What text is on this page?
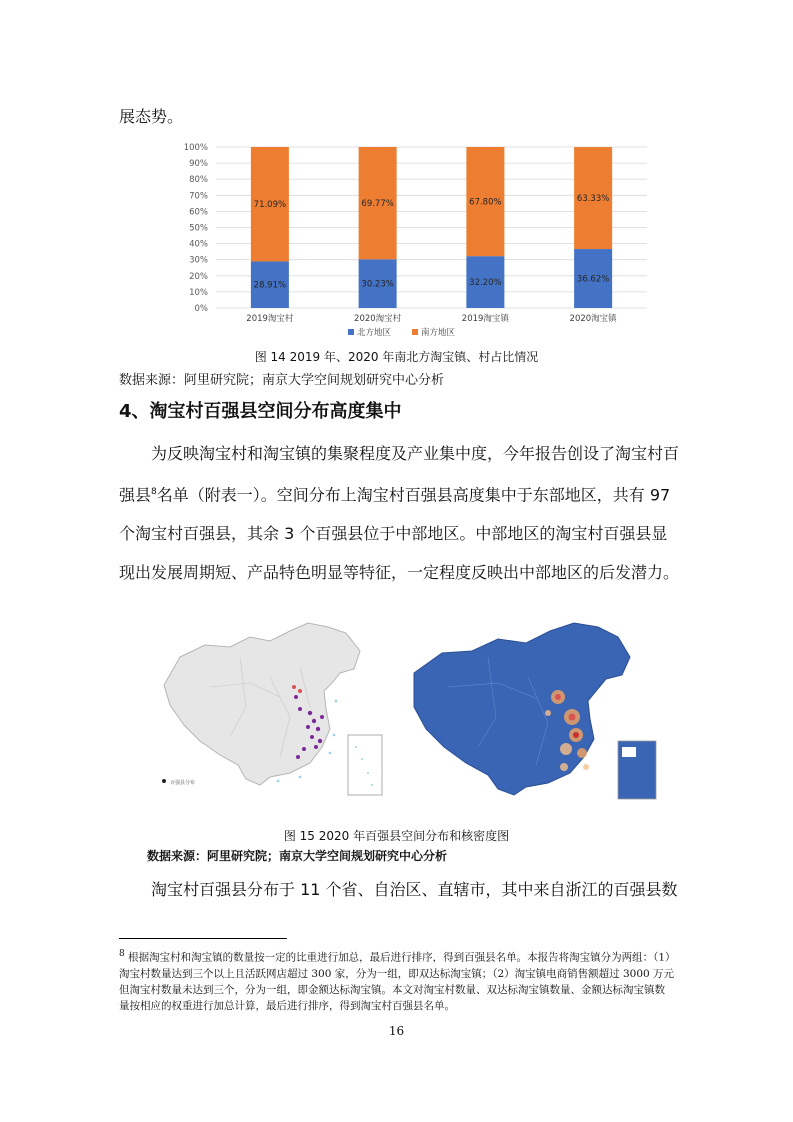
展态势。
0%
10%
20%
30%
40%
50%
60%
70%
80%
90%
100%
28.91%
71.09%
2019淘宝村
30.23%
69.77%
2020淘宝村
32.20%
67.80%
2019淘宝镇
36.62%
63.33%
2020淘宝镇
北方地区	南方地区
图 14 2019 年、2020 年南北方淘宝镇、村占比情况
数据来源：阿里研究院；南京大学空间规划研究中心分析
4、淘宝村百强县空间分布高度集中
为反映淘宝村和淘宝镇的集聚程度及产业集中度，今年报告创设了淘宝村百强县$^8$名单（附表一）。空间分布上淘宝村百强县高度集中于东部地区，共有 97 个淘宝村百强县，其余 3 个百强县位于中部地区。中部地区的淘宝村百强县显现出发展周期短、产品特色明显等特征，一定程度反映出中部地区的后发潜力。
百强县分布
图 15 2020 年百强县空间分布和核密度图
数据来源：阿里研究院；南京大学空间规划研究中心分析
淘宝村百强县分布于 11 个省、自治区、直辖市，其中来自浙江的百强县数
$^8$ 根据淘宝村和淘宝镇的数量按一定的比重进行加总，最后进行排序，得到百强县名单。本报告将淘宝镇分为两组：（1）淘宝村数量达到三个以上且活跃网店超过 300 家，分为一组，即双达标淘宝镇；（2）淘宝镇电商销售额超过 3000 万元但淘宝村数量未达到三个，分为一组，即金额达标淘宝镇。本文对淘宝村数量、双达标淘宝镇数量、金额达标淘宝镇数量按相应的权重进行加总计算，最后进行排序，得到淘宝村百强县名单。
16
